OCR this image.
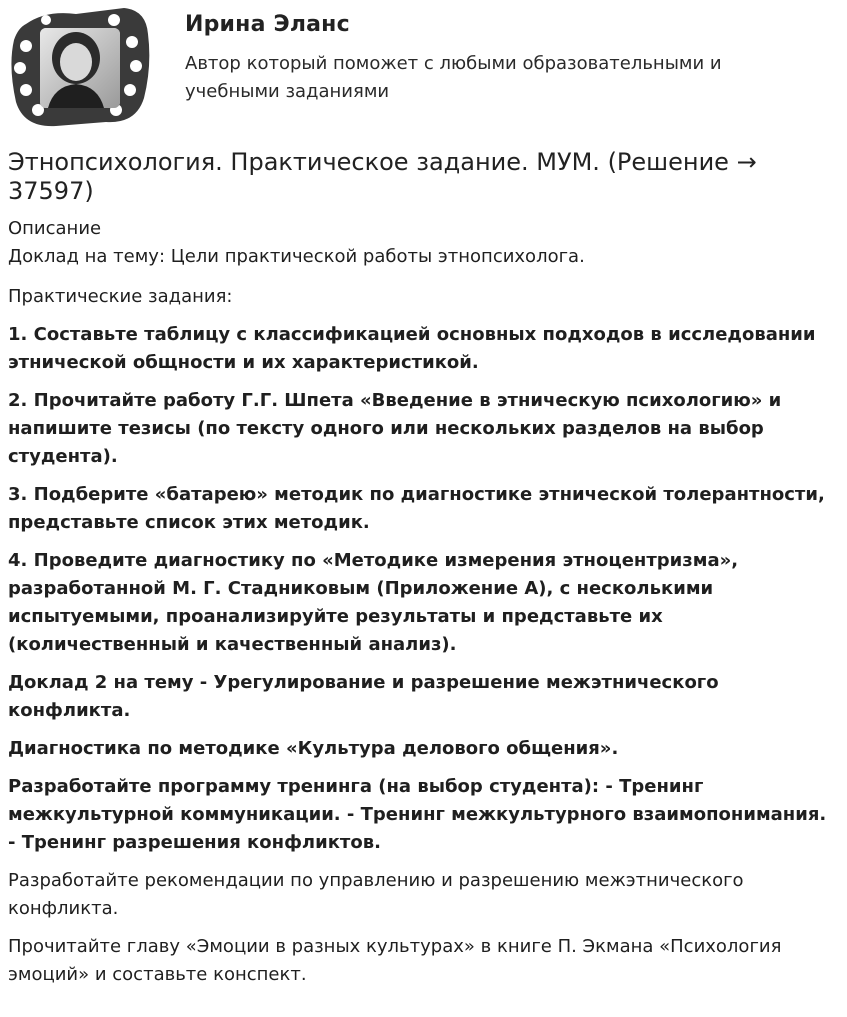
Ирина Эланс
Автор который поможет с любыми образовательными и учебными заданиями
Этнопсихология. Практическое задание. МУМ. (Решение → 37597)
Описание
Доклад на тему: Цели практической работы этнопсихолога.

Практические задания:

1. Составьте таблицу с классификацией основных подходов в исследовании этнической общности и их характеристикой.

2. Прочитайте работу Г.Г. Шпета «Введение в этническую психологию» и напишите тезисы (по тексту одного или нескольких разделов на выбор студента).

3. Подберите «батарею» методик по диагностике этнической толерантности, представьте список этих методик.

4. Проведите диагностику по «Методике измерения этноцентризма», разработанной М. Г. Стадниковым (Приложение А), с несколькими испытуемыми, проанализируйте результаты и представьте их (количественный и качественный анализ).

Доклад 2 на тему - Урегулирование и разрешение межэтнического конфликта.

Диагностика по методике «Культура делового общения».

Разработайте программу тренинга (на выбор студента): - Тренинг межкультурной коммуникации. - Тренинг межкультурного взаимопонимания. - Тренинг разрешения конфликтов.

Разработайте рекомендации по управлению и разрешению межэтнического конфликта.

Прочитайте главу «Эмоции в разных культурах» в книге П. Экмана «Психология эмоций» и составьте конспект.
